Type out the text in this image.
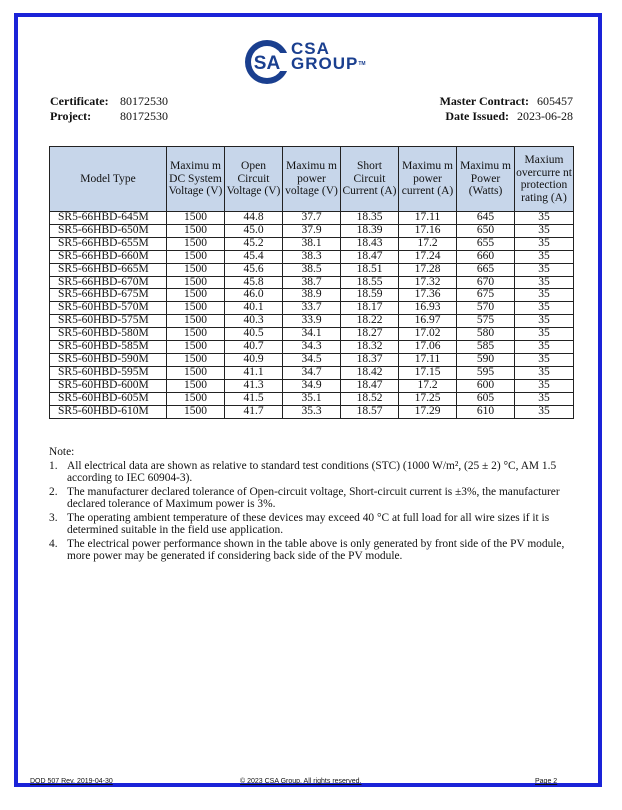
SA
CSA
GROUP™
Certificate: 80172530
Project: 80172530
Master Contract: 605457
Date Issued: 2023-06-28
Model Type	Maximu m DC System Voltage (V)	Open Circuit Voltage (V)	Maximu m power voltage (V)	Short Circuit Current (A)	Maximu m power current (A)	Maximu m Power (Watts)	Maxium overcurre nt protection rating (A)
SR5-66HBD-645M	1500	44.8	37.7	18.35	17.11	645	35
SR5-66HBD-650M	1500	45.0	37.9	18.39	17.16	650	35
SR5-66HBD-655M	1500	45.2	38.1	18.43	17.2	655	35
SR5-66HBD-660M	1500	45.4	38.3	18.47	17.24	660	35
SR5-66HBD-665M	1500	45.6	38.5	18.51	17.28	665	35
SR5-66HBD-670M	1500	45.8	38.7	18.55	17.32	670	35
SR5-66HBD-675M	1500	46.0	38.9	18.59	17.36	675	35
SR5-60HBD-570M	1500	40.1	33.7	18.17	16.93	570	35
SR5-60HBD-575M	1500	40.3	33.9	18.22	16.97	575	35
SR5-60HBD-580M	1500	40.5	34.1	18.27	17.02	580	35
SR5-60HBD-585M	1500	40.7	34.3	18.32	17.06	585	35
SR5-60HBD-590M	1500	40.9	34.5	18.37	17.11	590	35
SR5-60HBD-595M	1500	41.1	34.7	18.42	17.15	595	35
SR5-60HBD-600M	1500	41.3	34.9	18.47	17.2	600	35
SR5-60HBD-605M	1500	41.5	35.1	18.52	17.25	605	35
SR5-60HBD-610M	1500	41.7	35.3	18.57	17.29	610	35
Note:
1. All electrical data are shown as relative to standard test conditions (STC) (1000 W/m², (25 ± 2) °C, AM 1.5 according to IEC 60904-3).
2. The manufacturer declared tolerance of Open-circuit voltage, Short-circuit current is ±3%, the manufacturer declared tolerance of Maximum power is 3%.
3. The operating ambient temperature of these devices may exceed 40 °C at full load for all wire sizes if it is determined suitable in the field use application.
4. The electrical power performance shown in the table above is only generated by front side of the PV module, more power may be generated if considering back side of the PV module.
DQD 507 Rev. 2019-04-30	© 2023 CSA Group. All rights reserved.	Page 2
